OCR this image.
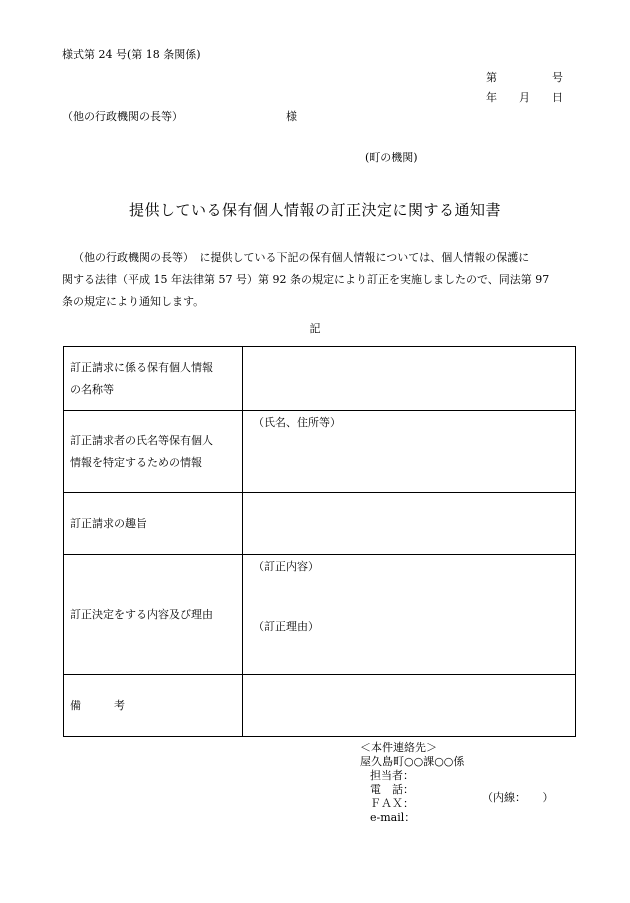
様式第 24 号(第 18 条関係)
第　　　　　号
年　　月　　日
（他の行政機関の長等）	様
(町の機関)
提供している保有個人情報の訂正決定に関する通知書
（他の行政機関の長等）　に提供している下記の保有個人情報については、個人情報の保護に
関する法律（平成 15 年法律第 57 号）第 92 条の規定により訂正を実施しましたので、同法第 97
条の規定により通知します。
記
訂正請求に係る保有個人情報
の名称等	
訂正請求者の氏名等保有個人
情報を特定するための情報	（氏名、住所等）

訂正請求の趣旨	
訂正決定をする内容及び理由	（訂正内容）
（訂正理由）

備　　　考	
＜本件連絡先＞
屋久島町○○課○○係
担当者：
電　話：
ＦＡＸ：
e-mail：
（内線：　　）
